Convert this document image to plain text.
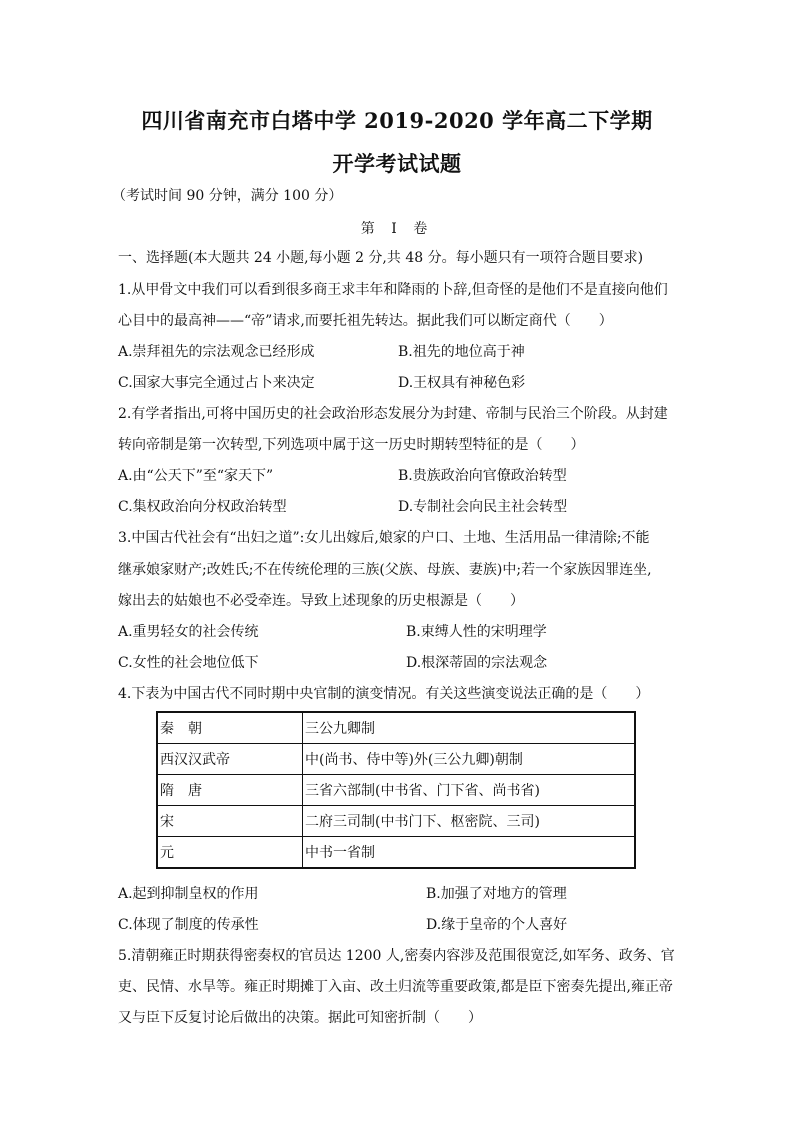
四川省南充市白塔中学 2019-2020 学年高二下学期
开学考试试题
（考试时间 90 分钟，满分 100 分）
第 Ⅰ 卷
一、选择题(本大题共 24 小题,每小题 2 分,共 48 分。每小题只有一项符合题目要求)
1.从甲骨文中我们可以看到很多商王求丰年和降雨的卜辞,但奇怪的是他们不是直接向他们
心目中的最高神——“帝”请求,而要托祖先转达。据此我们可以断定商代（　　）
A.崇拜祖先的宗法观念已经形成	B.祖先的地位高于神
C.国家大事完全通过占卜来决定	D.王权具有神秘色彩
2.有学者指出,可将中国历史的社会政治形态发展分为封建、帝制与民治三个阶段。从封建
转向帝制是第一次转型,下列选项中属于这一历史时期转型特征的是（　　）
A.由“公天下”至“家天下”	B.贵族政治向官僚政治转型
C.集权政治向分权政治转型	D.专制社会向民主社会转型
3.中国古代社会有“出妇之道”:女儿出嫁后,娘家的户口、土地、生活用品一律清除;不能
继承娘家财产;改姓氏;不在传统伦理的三族(父族、母族、妻族)中;若一个家族因罪连坐,
嫁出去的姑娘也不必受牵连。导致上述现象的历史根源是（　　）
A.重男轻女的社会传统	B.束缚人性的宋明理学
C.女性的社会地位低下	D.根深蒂固的宗法观念
4.下表为中国古代不同时期中央官制的演变情况。有关这些演变说法正确的是（　　）
秦　朝	三公九卿制
西汉汉武帝	中(尚书、侍中等)外(三公九卿)朝制
隋　唐	三省六部制(中书省、门下省、尚书省)
宋	二府三司制(中书门下、枢密院、三司)
元	中书一省制
A.起到抑制皇权的作用	B.加强了对地方的管理
C.体现了制度的传承性	D.缘于皇帝的个人喜好
5.清朝雍正时期获得密奏权的官员达 1200 人,密奏内容涉及范围很宽泛,如军务、政务、官
吏、民情、水旱等。雍正时期摊丁入亩、改土归流等重要政策,都是臣下密奏先提出,雍正帝
又与臣下反复讨论后做出的决策。据此可知密折制（　　）
